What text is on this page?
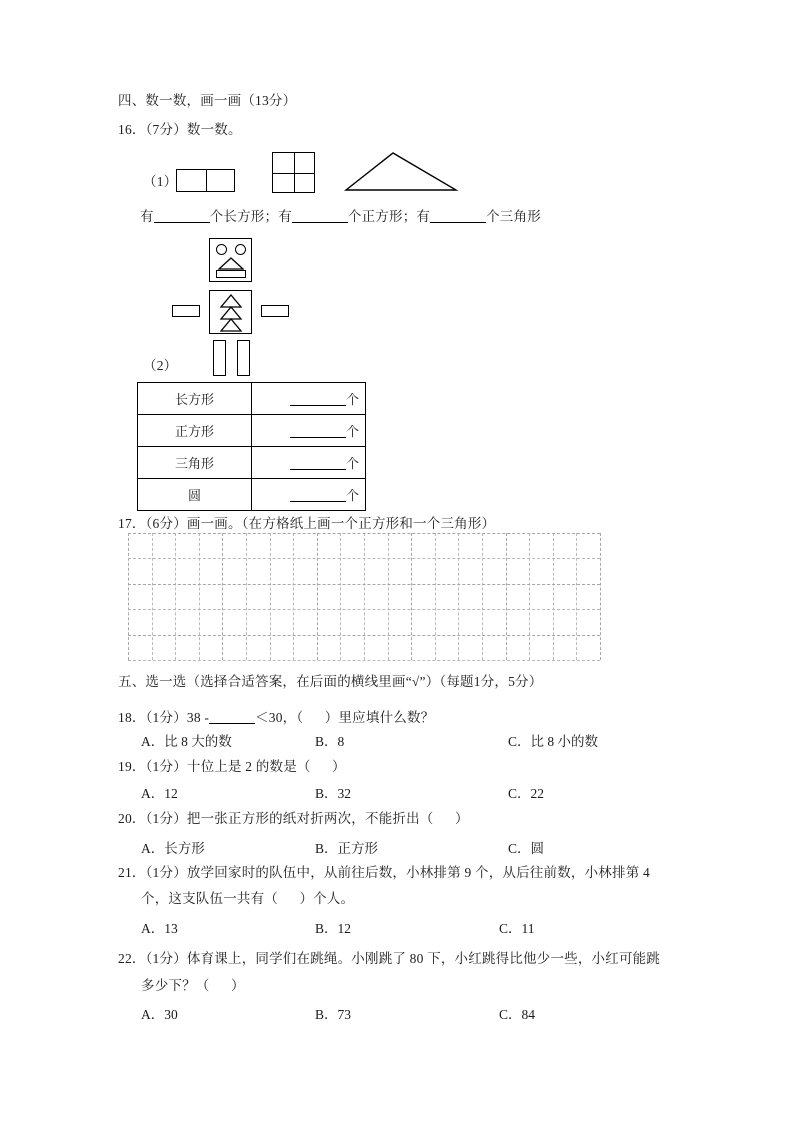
四、数一数，画一画（13分）
16．（7分）数一数。
（1）
有	个长方形；有	个正方形；有	个三角形
（2）
长方形	个
正方形	个
三角形	个
圆	个
17．（6分）画一画。（在方格纸上画一个正方形和一个三角形）
五、选一选（选择合适答案，在后面的横线里画“√”）（每题1分，5分）
18．（1分）38 -	＜30，（      ）里应填什么数？
A．比 8 大的数	B．8	C．比 8 小的数
19．（1分）十位上是 2 的数是（      ）
A．12	B．32	C．22
20．（1分）把一张正方形的纸对折两次，不能折出（      ）
A．长方形	B．正方形	C．圆
21．（1分）放学回家时的队伍中，从前往后数，小林排第 9 个，从后往前数，小林排第 4
个，这支队伍一共有（      ）个人。
A．13	B．12	C．11
22．（1分）体育课上，同学们在跳绳。小刚跳了 80 下，小红跳得比他少一些，小红可能跳
多少下？（      ）
A．30	B．73	C．84
